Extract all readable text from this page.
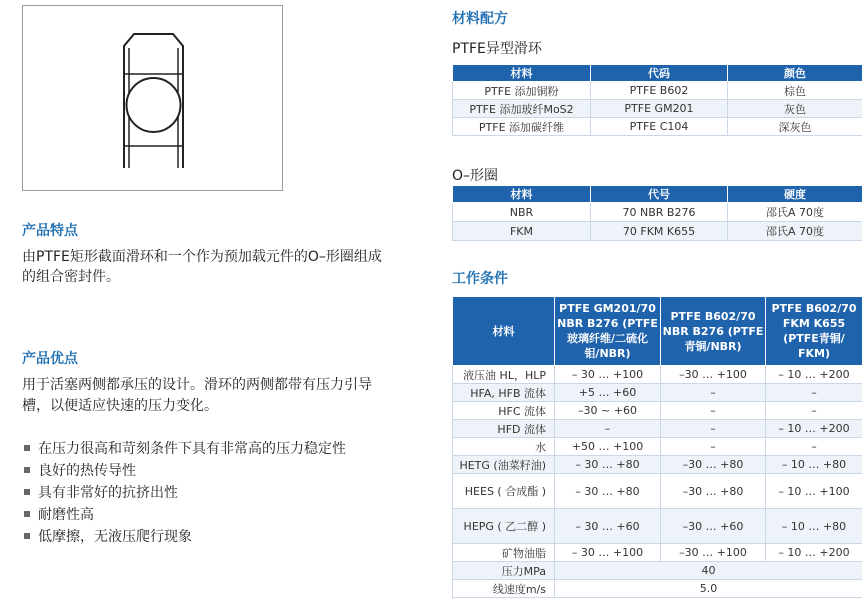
产品特点
由PTFE矩形截面滑环和一个作为预加载元件的O–形圈组成
的组合密封件。
产品优点
用于活塞两侧都承压的设计。滑环的两侧都带有压力引导
槽，以便适应快速的压力变化。
在压力很高和苛刻条件下具有非常高的压力稳定性
良好的热传导性
具有非常好的抗挤出性
耐磨性高
低摩擦，无液压爬行现象
材料配方
PTFE异型滑环
材料	代码	颜色
PTFE 添加铜粉	PTFE B602	棕色
PTFE 添加玻纤MoS2	PTFE GM201	灰色
PTFE 添加碳纤维	PTFE C104	深灰色
O–形圈
材料	代号	硬度
NBR	70 NBR B276	邵氏A 70度
FKM	70 FKM K655	邵氏A 70度
工作条件
材料	PTFE GM201/70 NBR B276 (PTFE 玻璃纤维/二硫化钼/NBR)	PTFE B602/70 NBR B276 (PTFE青铜/NBR)	PTFE B602/70 FKM K655 (PTFE青铜/ FKM)
液压油 HL，HLP	– 30 … +100	–30 … +100	– 10 … +200
HFA, HFB 流体	+5 … +60	–	–
HFC 流体	–30 ~ +60	–	–
HFD 流体	–	–	– 10 … +200
水	+50 … +100	–	–
HETG (油菜籽油)	– 30 … +80	–30 … +80	– 10 … +80
HEES ( 合成酯 )	– 30 … +80	–30 … +80	– 10 … +100
HEPG ( 乙二醇 )	– 30 … +60	–30 … +60	– 10 … +80
矿物油脂	– 30 … +100	–30 … +100	– 10 … +200
压力MPa	40		
线速度m/s	5.0		
